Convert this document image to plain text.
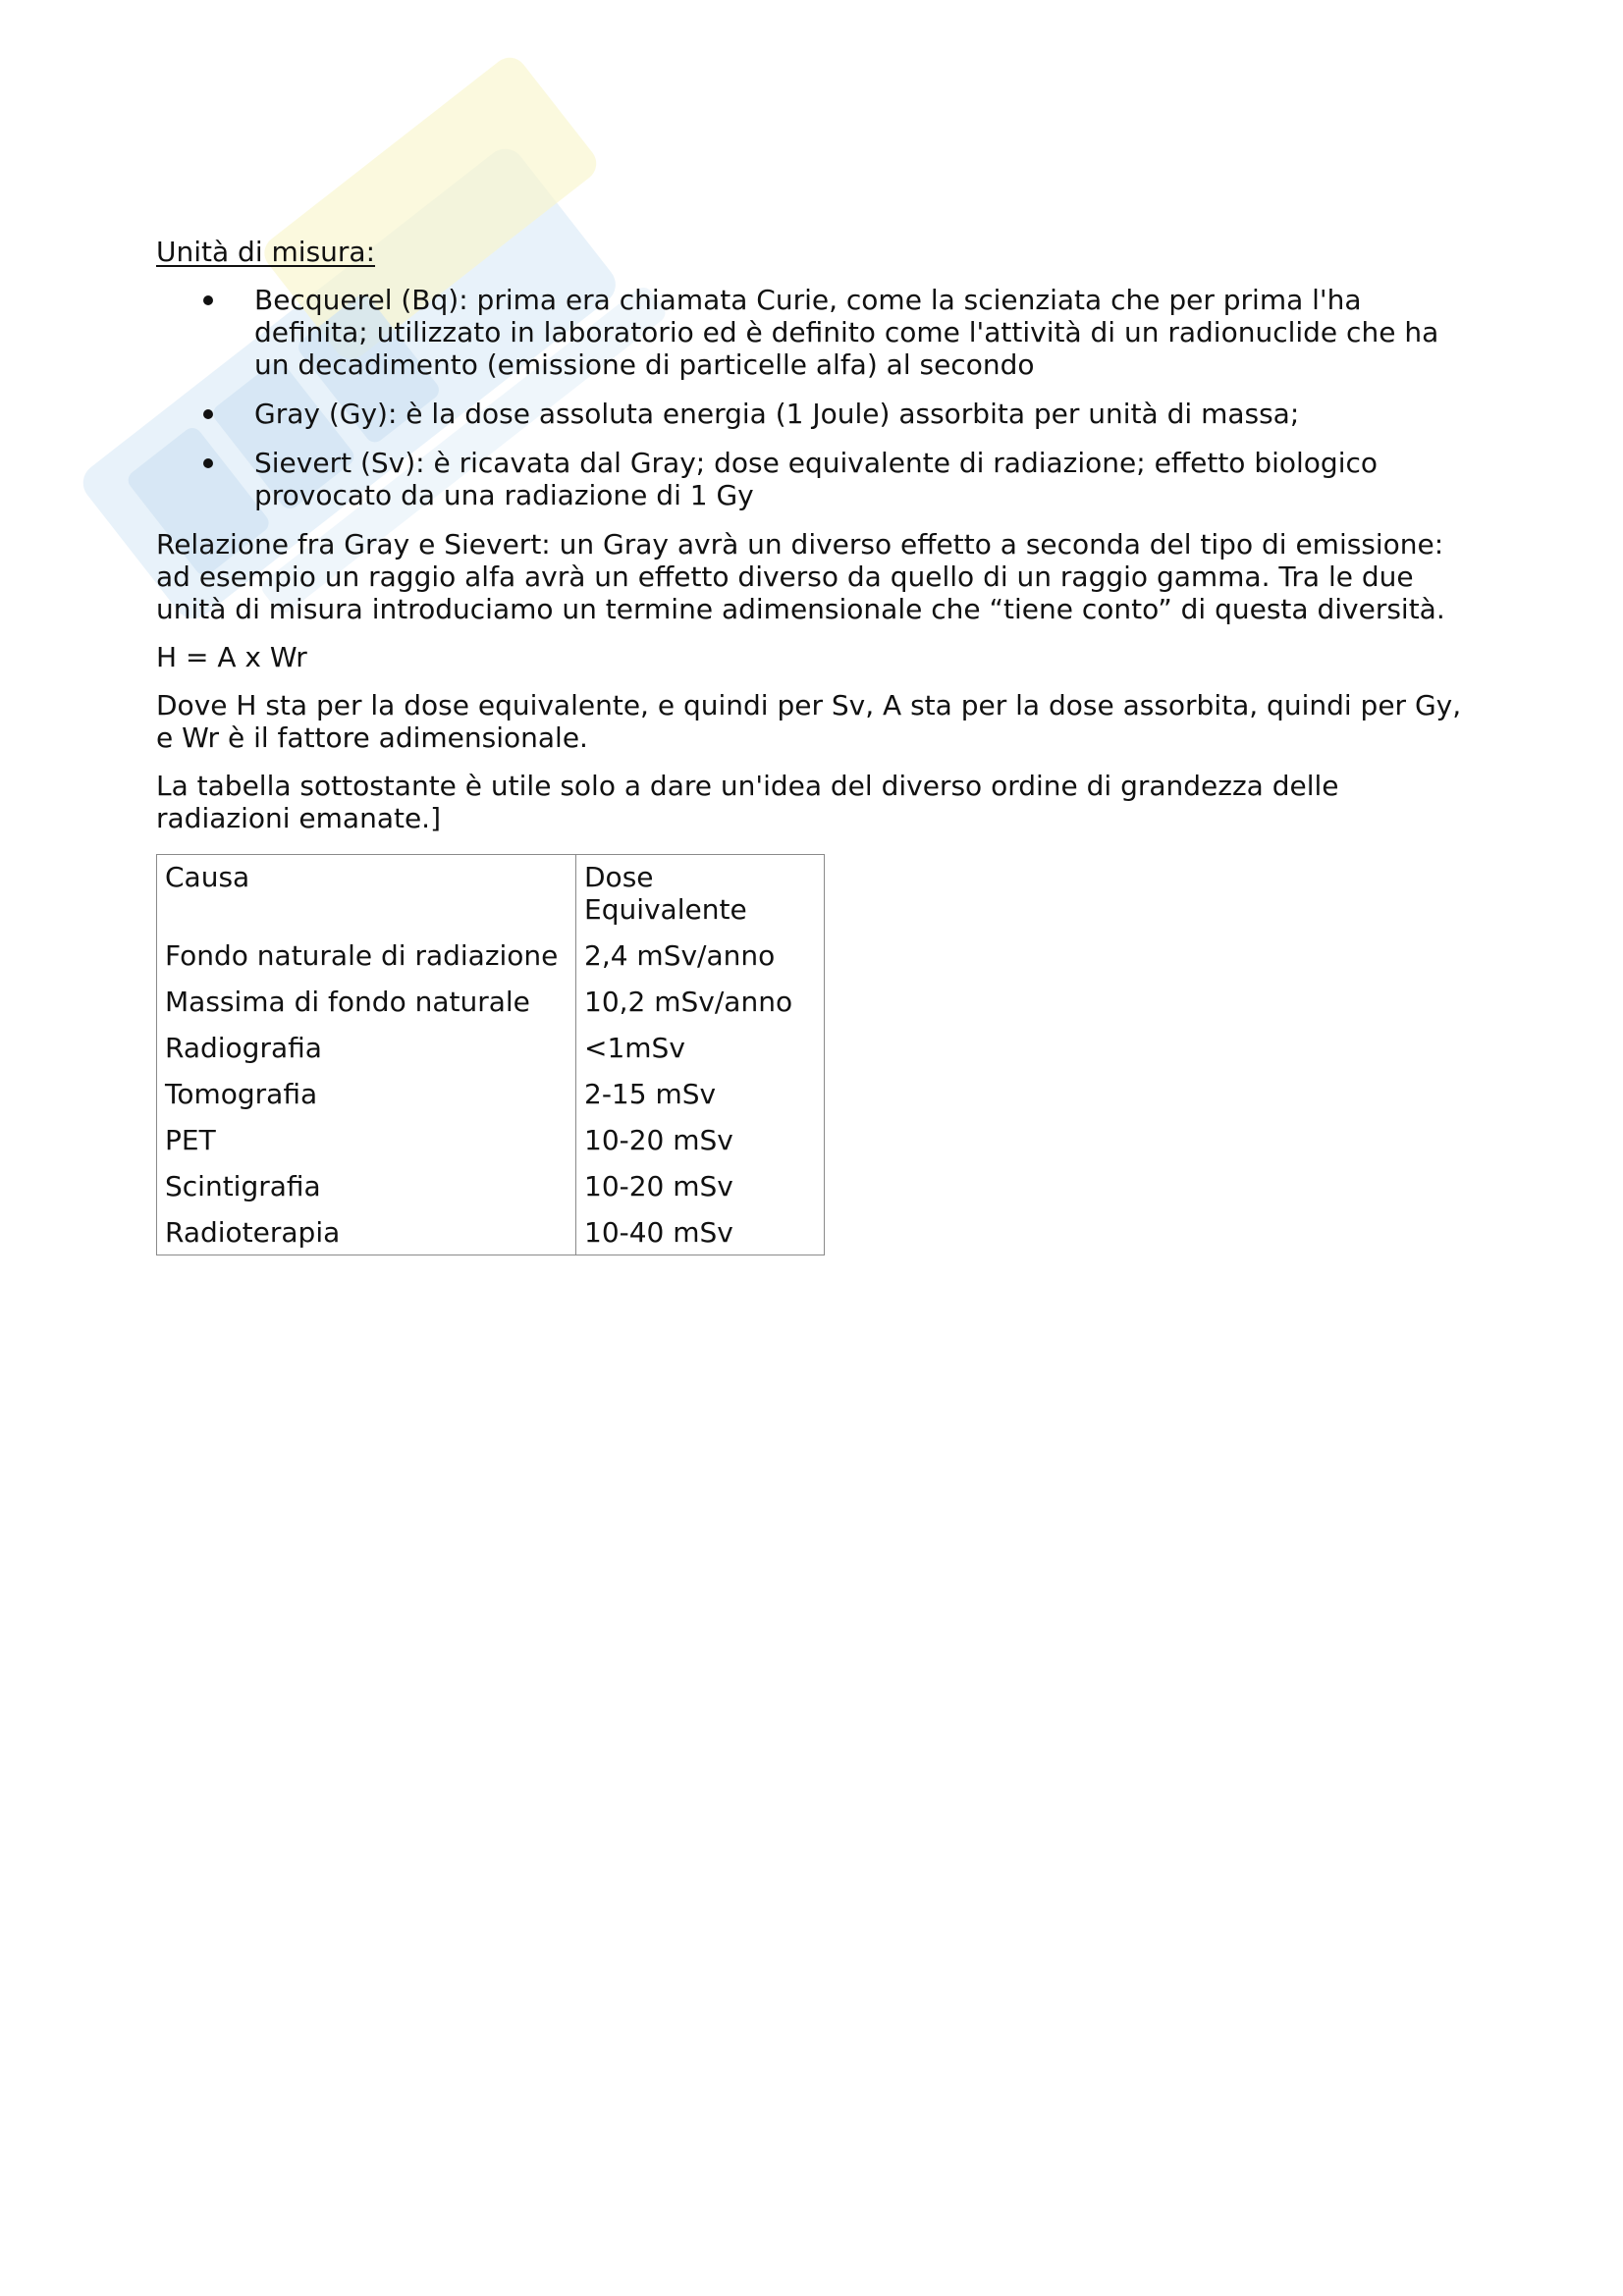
Unità di misura:
Becquerel (Bq): prima era chiamata Curie, come la scienziata che per prima l'ha definita; utilizzato in laboratorio ed è definito come l'attività di un radionuclide che ha un decadimento (emissione di particelle alfa) al secondo
Gray (Gy): è la dose assoluta energia (1 Joule) assorbita per unità di massa;
Sievert (Sv): è ricavata dal Gray; dose equivalente di radiazione; effetto biologico provocato da una radiazione di 1 Gy

Relazione fra Gray e Sievert: un Gray avrà un diverso effetto a seconda del tipo di emissione: ad esempio un raggio alfa avrà un effetto diverso da quello di un raggio gamma. Tra le due unità di misura introduciamo un termine adimensionale che “tiene conto” di questa diversità.

H = A x Wr

Dove H sta per la dose equivalente, e quindi per Sv, A sta per la dose assorbita, quindi per Gy, e Wr è il fattore adimensionale.

La tabella sottostante è utile solo a dare un'idea del diverso ordine di grandezza delle radiazioni emanate.]

Causa	Dose Equivalente
Fondo naturale di radiazione	2,4 mSv/anno
Massima di fondo naturale	10,2 mSv/anno
Radiografia	<1mSv
Tomografia	2-15 mSv
PET	10-20 mSv
Scintigrafia	10-20 mSv
Radioterapia	10-40 mSv
